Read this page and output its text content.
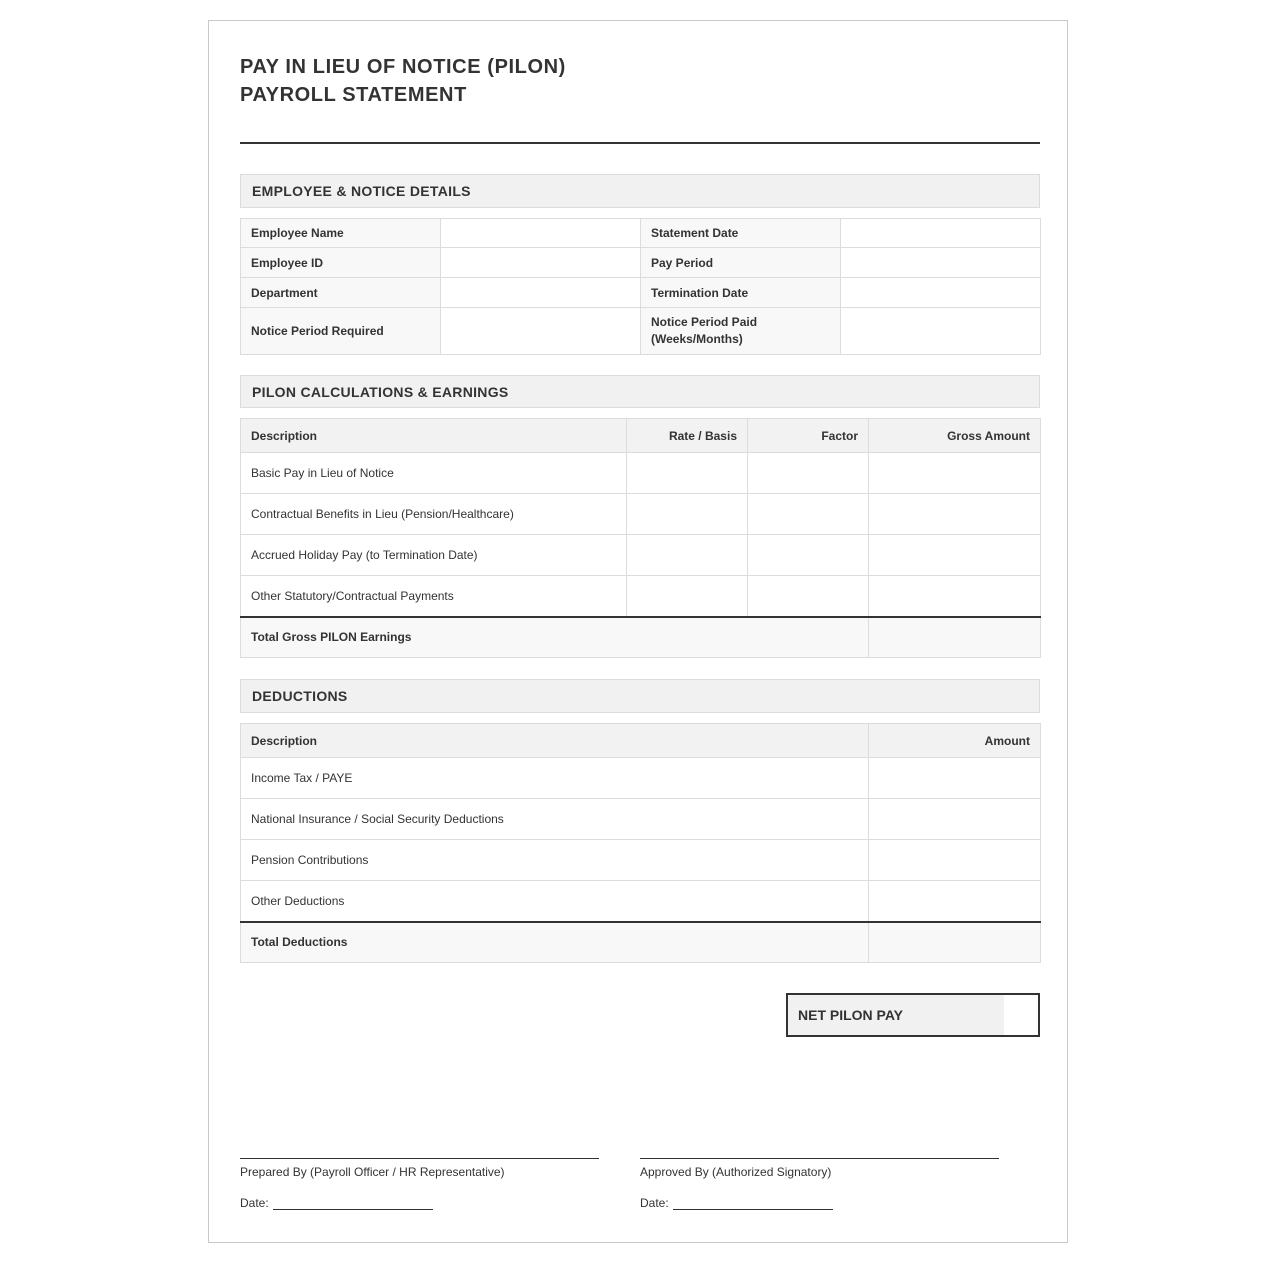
PAY IN LIEU OF NOTICE (PILON)
PAYROLL STATEMENT
EMPLOYEE & NOTICE DETAILS
Employee Name		Statement Date	
Employee ID		Pay Period	
Department		Termination Date	
Notice Period Required		Notice Period Paid (Weeks/Months)	
PILON CALCULATIONS & EARNINGS
Description	Rate / Basis	Factor	Gross Amount
Basic Pay in Lieu of Notice			
Contractual Benefits in Lieu (Pension/Healthcare)			
Accrued Holiday Pay (to Termination Date)			
Other Statutory/Contractual Payments			
Total Gross PILON Earnings			
DEDUCTIONS
Description	Amount
Income Tax / PAYE	
National Insurance / Social Security Deductions	
Pension Contributions	
Other Deductions	
Total Deductions	
NET PILON PAY
Prepared By (Payroll Officer / HR Representative)
Date:
Approved By (Authorized Signatory)
Date:
